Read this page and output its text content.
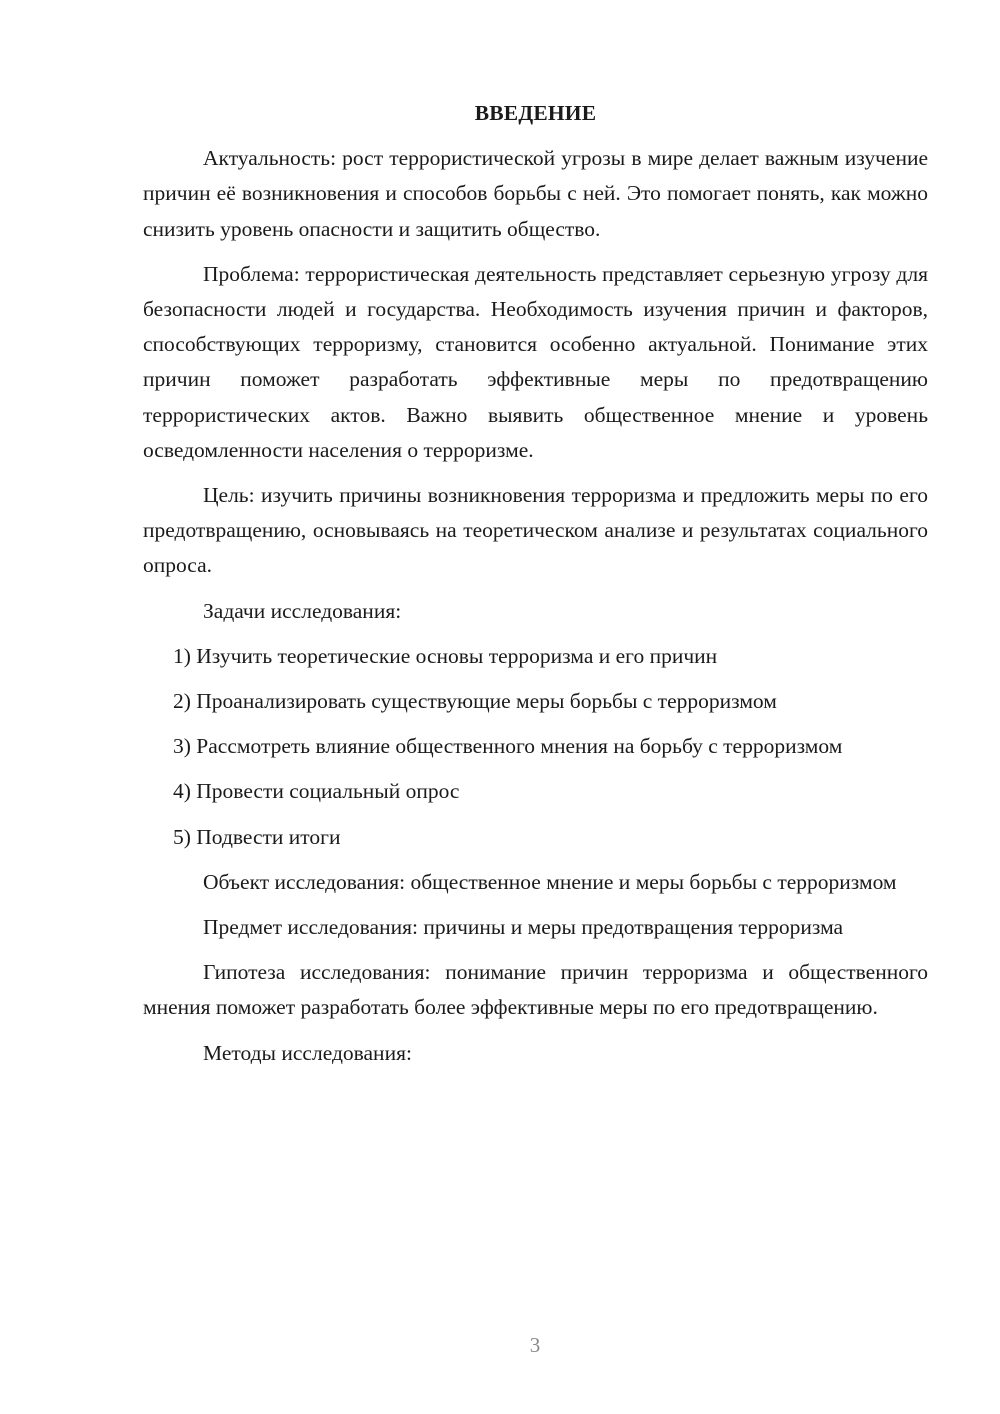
ВВЕДЕНИЕ

Актуальность: рост террористической угрозы в мире делает важным изучение причин её возникновения и способов борьбы с ней. Это помогает понять, как можно снизить уровень опасности и защитить общество.

Проблема: террористическая деятельность представляет серьезную угрозу для безопасности людей и государства. Необходимость изучения причин и факторов, способствующих терроризму, становится особенно актуальной. Понимание этих причин поможет разработать эффективные меры по предотвращению террористических актов. Важно выявить общественное мнение и уровень осведомленности населения о терроризме.

Цель: изучить причины возникновения терроризма и предложить меры по его предотвращению, основываясь на теоретическом анализе и результатах социального опроса.

Задачи исследования:

1) Изучить теоретические основы терроризма и его причин

2) Проанализировать существующие меры борьбы с терроризмом

3) Рассмотреть влияние общественного мнения на борьбу с терроризмом

4) Провести социальный опрос

5) Подвести итоги

Объект исследования: общественное мнение и меры борьбы с терроризмом

Предмет исследования: причины и меры предотвращения терроризма

Гипотеза исследования: понимание причин терроризма и общественного мнения поможет разработать более эффективные меры по его предотвращению.

Методы исследования:

3
